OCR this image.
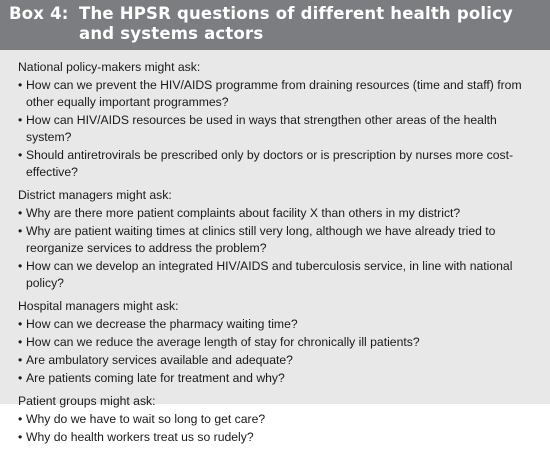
Box 4: The HPSR questions of different health policy
and systems actors
National policy-makers might ask:
• How can we prevent the HIV/AIDS programme from draining resources (time and staff) from other equally important programmes?
• How can HIV/AIDS resources be used in ways that strengthen other areas of the health system?
• Should antiretrovirals be prescribed only by doctors or is prescription by nurses more cost-effective?
District managers might ask:
• Why are there more patient complaints about facility X than others in my district?
• Why are patient waiting times at clinics still very long, although we have already tried to reorganize services to address the problem?
• How can we develop an integrated HIV/AIDS and tuberculosis service, in line with national policy?
Hospital managers might ask:
• How can we decrease the pharmacy waiting time?
• How can we reduce the average length of stay for chronically ill patients?
• Are ambulatory services available and adequate?
• Are patients coming late for treatment and why?
Patient groups might ask:
• Why do we have to wait so long to get care?
• Why do health workers treat us so rudely?
